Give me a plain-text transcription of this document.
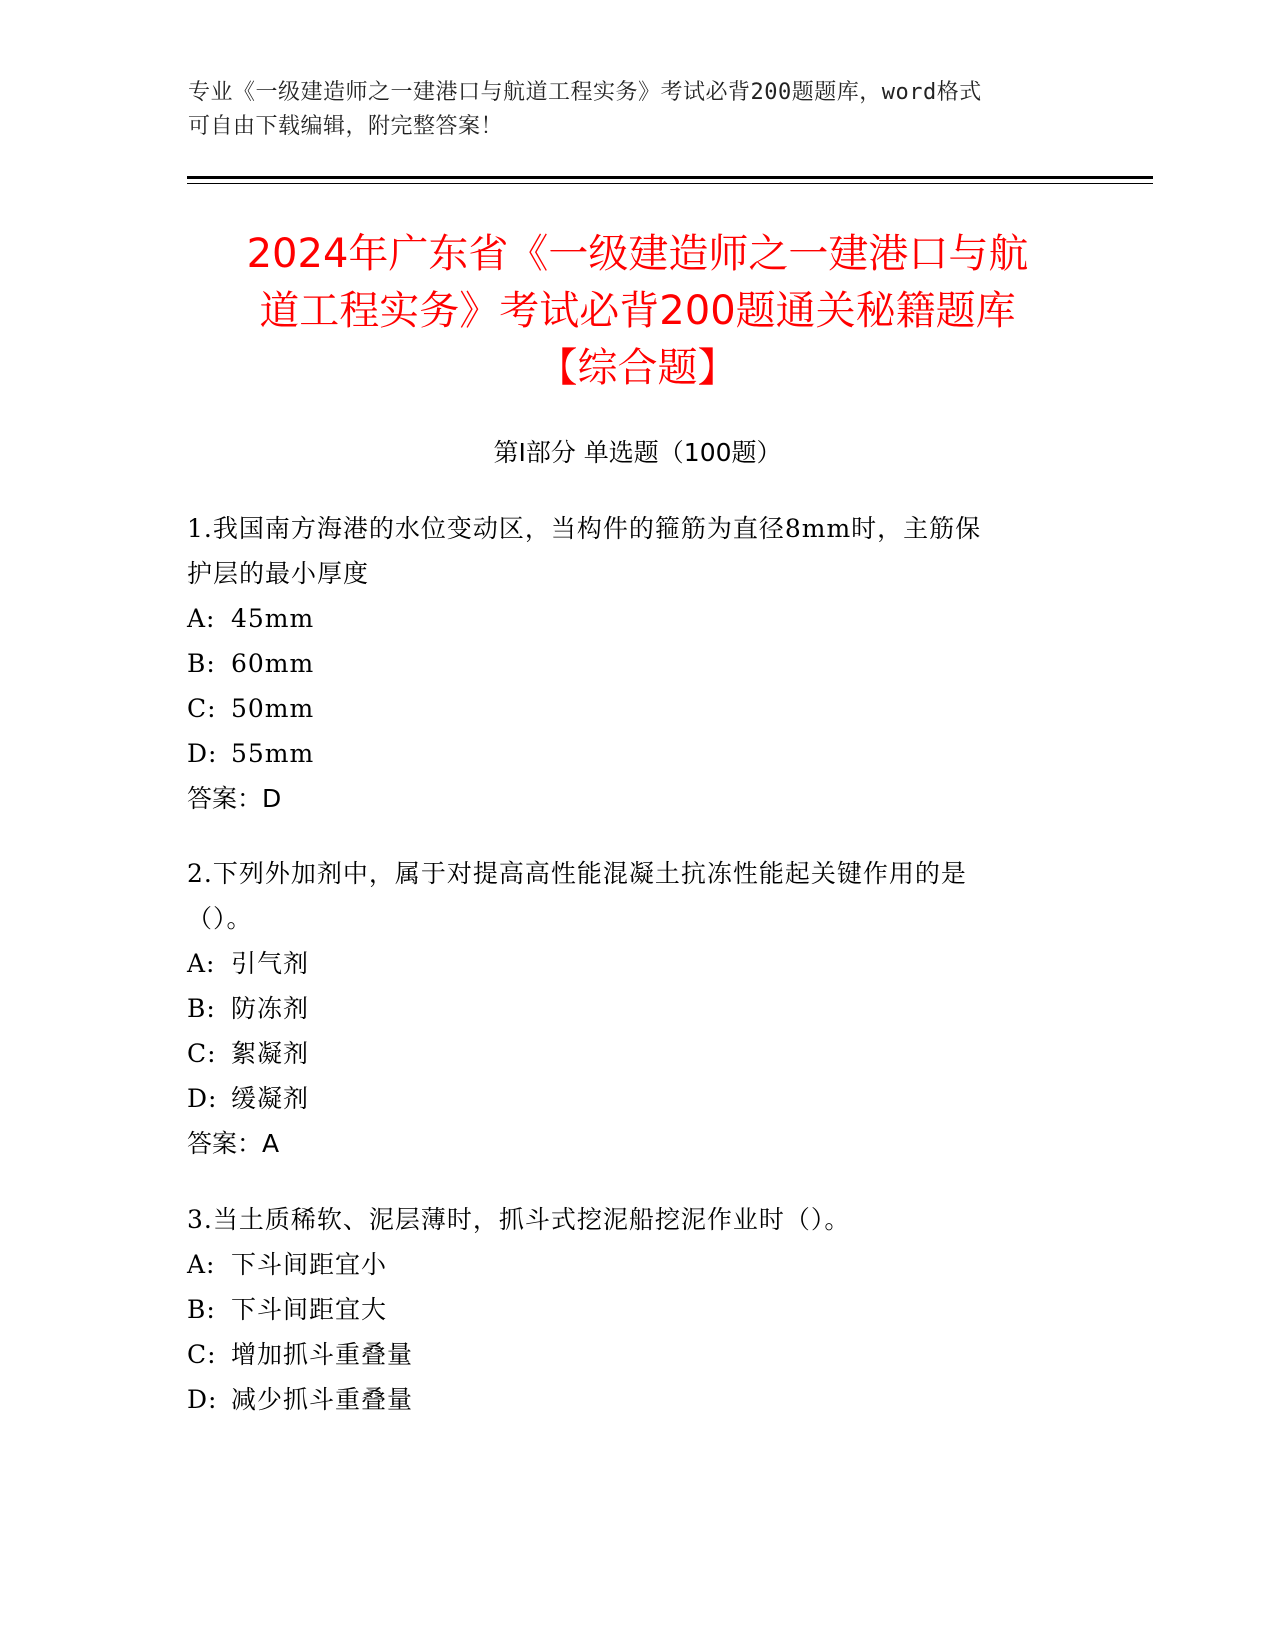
专业《一级建造师之一建港口与航道工程实务》考试必背200题题库，word格式
可自由下载编辑，附完整答案！
2024年广东省《一级建造师之一建港口与航
道工程实务》考试必背200题通关秘籍题库
【综合题】
第Ⅰ部分 单选题（100题）
1.我国南方海港的水位变动区，当构件的箍筋为直径8mm时，主筋保
护层的最小厚度
A: 45mm
B: 60mm
C: 50mm
D: 55mm
答案：D
2.下列外加剂中，属于对提高高性能混凝土抗冻性能起关键作用的是
（）。
A: 引气剂
B: 防冻剂
C: 絮凝剂
D: 缓凝剂
答案：A
3.当土质稀软、泥层薄时，抓斗式挖泥船挖泥作业时（）。
A: 下斗间距宜小
B: 下斗间距宜大
C: 增加抓斗重叠量
D: 减少抓斗重叠量
